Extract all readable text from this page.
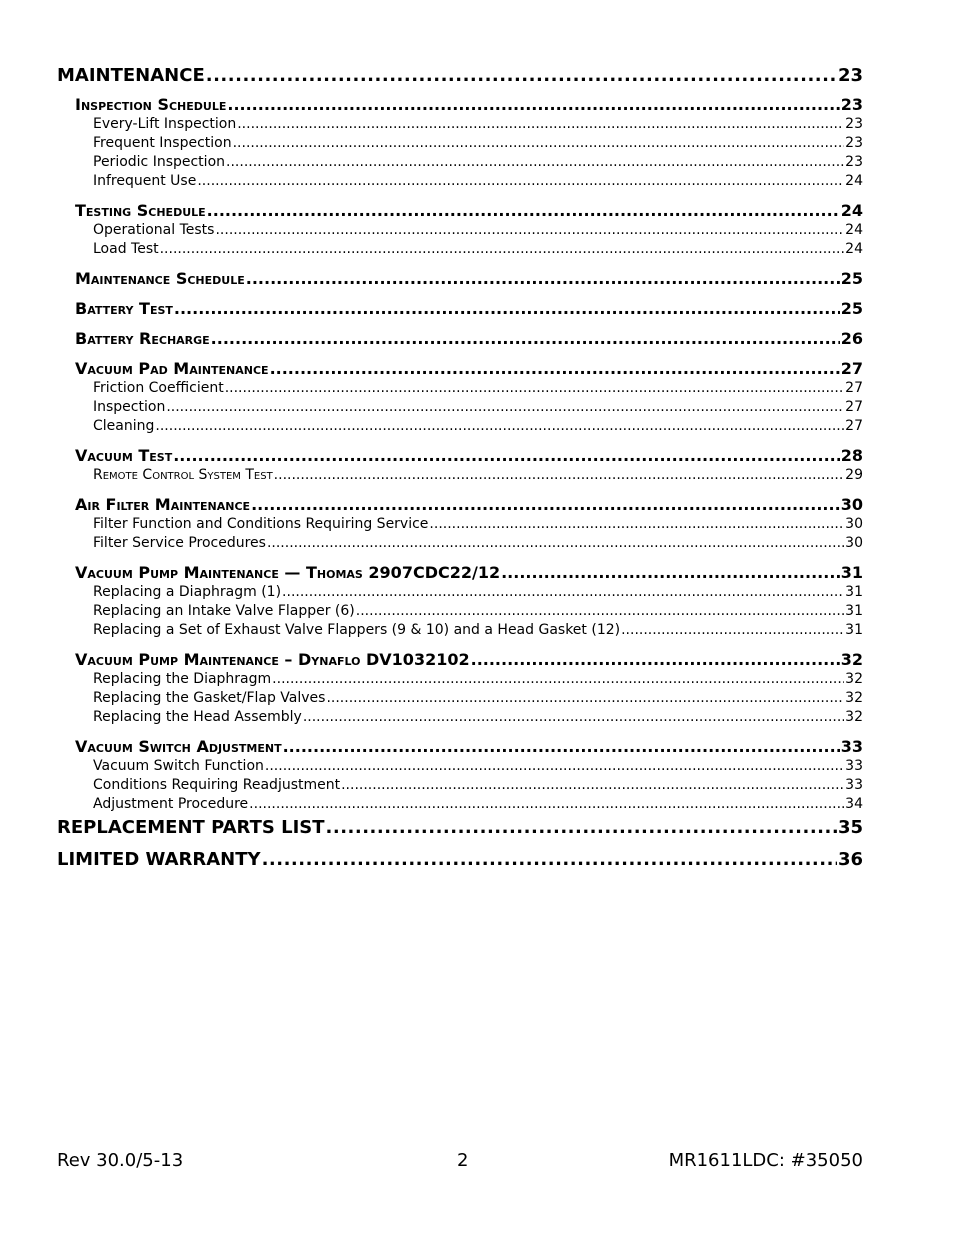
MAINTENANCE .....	23
Inspection Schedule .....	23
Every-Lift Inspection .....	23
Frequent Inspection .....	23
Periodic Inspection .....	23
Infrequent Use .....	24
Testing Schedule .....	24
Operational Tests .....	24
Load Test .....	24
Maintenance Schedule .....	25
Battery Test .....	25
Battery Recharge .....	26
Vacuum Pad Maintenance .....	27
Friction Coefficient .....	27
Inspection .....	27
Cleaning .....	27
Vacuum Test .....	28
Remote Control System Test .....	29
Air Filter Maintenance .....	30
Filter Function and Conditions Requiring Service .....	30
Filter Service Procedures .....	30
Vacuum Pump Maintenance — Thomas 2907CDC22/12 .....	31
Replacing a Diaphragm (1) .....	31
Replacing an Intake Valve Flapper (6) .....	31
Replacing a Set of Exhaust Valve Flappers (9 & 10) and a Head Gasket (12) .....	31
Vacuum Pump Maintenance – Dynaflo DV1032102 .....	32
Replacing the Diaphragm .....	32
Replacing the Gasket/Flap Valves .....	32
Replacing the Head Assembly .....	32
Vacuum Switch Adjustment .....	33
Vacuum Switch Function .....	33
Conditions Requiring Readjustment .....	33
Adjustment Procedure .....	34
REPLACEMENT PARTS LIST .....	35
LIMITED WARRANTY .....	36
Rev 30.0/5-13	2	MR1611LDC: #35050
